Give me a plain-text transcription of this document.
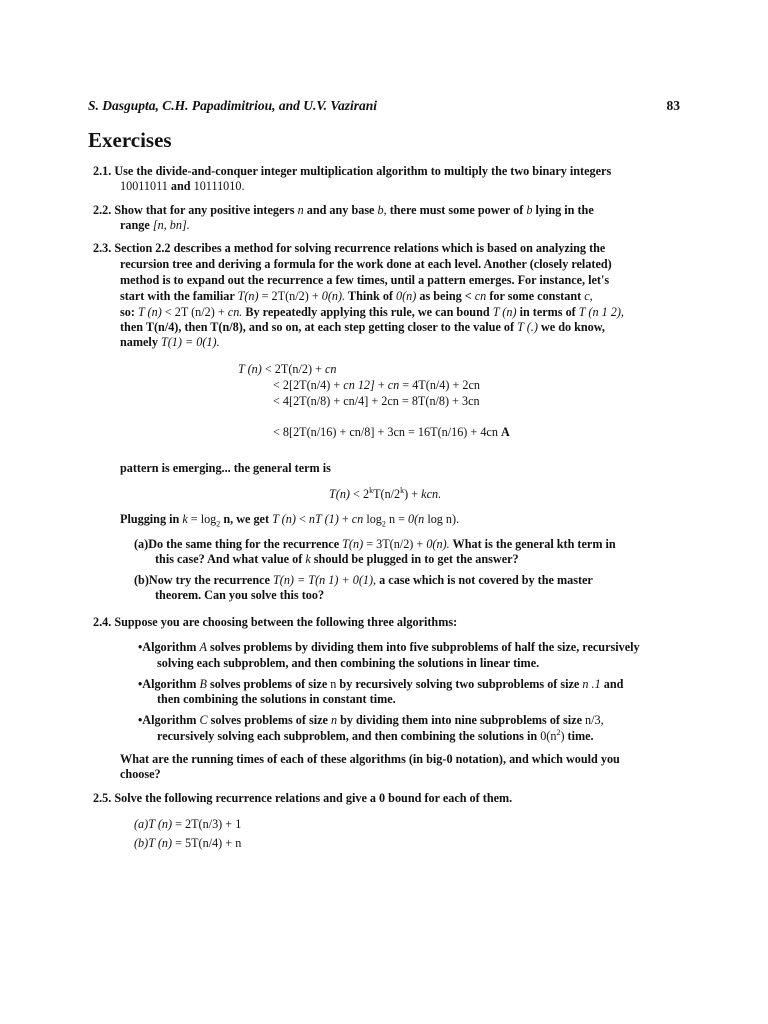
S. Dasgupta, C.H. Papadimitriou, and U.V. Vazirani	83
Exercises
2.1. Use the divide-and-conquer integer multiplication algorithm to multiply the two binary integers
10011011 and 10111010.
2.2. Show that for any positive integers n and any base b, there must some power of b lying in the
range [n, bn].
2.3. Section 2.2 describes a method for solving recurrence relations which is based on analyzing the
recursion tree and deriving a formula for the work done at each level. Another (closely related)
method is to expand out the recurrence a few times, until a pattern emerges. For instance, let's
start with the familiar T(n) = 2T(n/2) + 0(n). Think of 0(n) as being < cn for some constant c,
so: T (n) < 2T (n/2) + cn. By repeatedly applying this rule, we can bound T (n) in terms of T (n 1 2),
then T(n/4), then T(n/8), and so on, at each step getting closer to the value of T (.) we do know,
namely T(1) = 0(1).
T (n) < 2T(n/2) + cn
< 2[2T(n/4) + cn 12] + cn = 4T(n/4) + 2cn
< 4[2T(n/8) + cn/4] + 2cn = 8T(n/8) + 3cn
< 8[2T(n/16) + cn/8] + 3cn = 16T(n/16) + 4cn A
pattern is emerging... the general term is
$T(n) < 2^kT(n/2^k)$ + kcn.
Plugging in $k = \log_2 n$, we get T (n) < nT (1) + cn $\log_2 n = 0(n$ log n).
(a)Do the same thing for the recurrence T(n) = 3T(n/2) + 0(n). What is the general kth term in
this case? And what value of k should be plugged in to get the answer?
(b)Now try the recurrence T(n) = T(n 1) + 0(1), a case which is not covered by the master
theorem. Can you solve this too?
2.4. Suppose you are choosing between the following three algorithms:
•Algorithm A solves problems by dividing them into five subproblems of half the size, recursively
solving each subproblem, and then combining the solutions in linear time.
•Algorithm B solves problems of size n by recursively solving two subproblems of size n .1 and
then combining the solutions in constant time.
•Algorithm C solves problems of size n by dividing them into nine subproblems of size n/3,
recursively solving each subproblem, and then combining the solutions in $0(n^2)$ time.
What are the running times of each of these algorithms (in big-0 notation), and which would you
choose?
2.5. Solve the following recurrence relations and give a 0 bound for each of them.
(a)T (n) = 2T(n/3) + 1
(b)T (n) = 5T(n/4) + n
